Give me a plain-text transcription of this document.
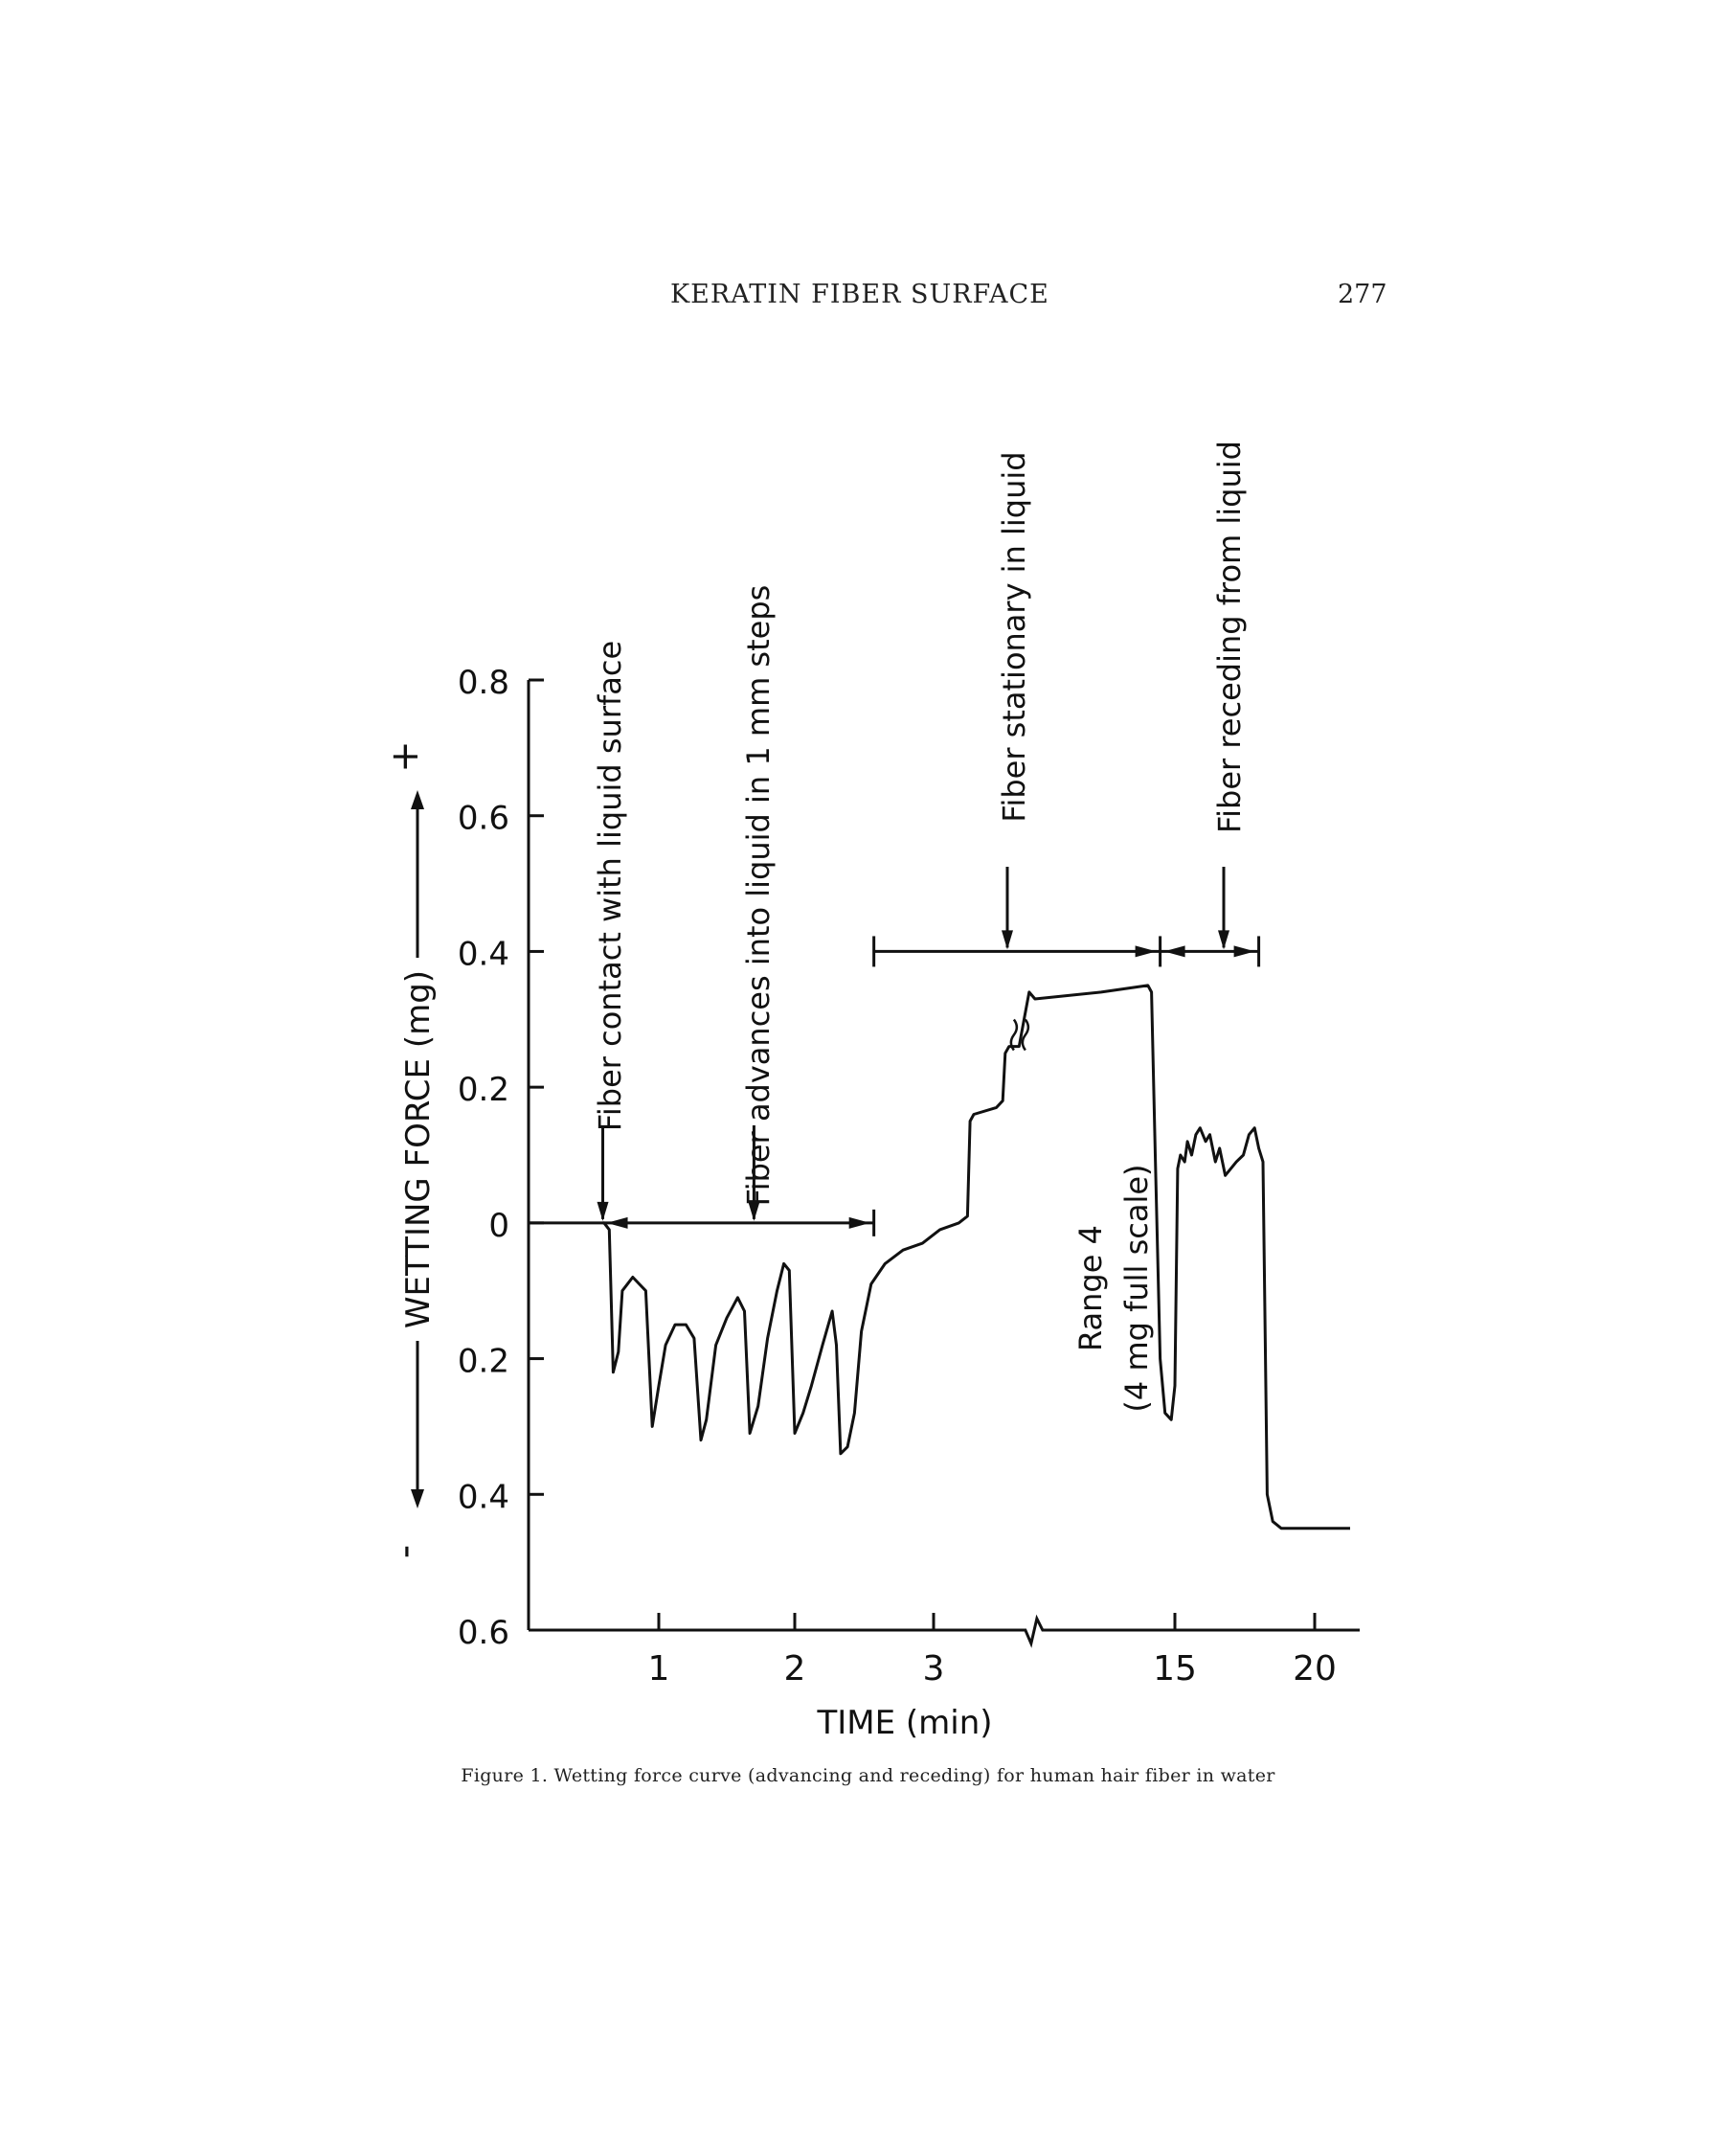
KERATIN FIBER SURFACE	277
0.8
0.6
0.4
0.2
0
0.2
0.4
0.6
1	2	3	15	20
TIME (min)
WETTING FORCE (mg)
+
-
Fiber contact with liquid surface	Fiber advances into liquid in 1 mm steps	Fiber stationary in liquid	Fiber receding from liquid
Range 4 (4 mg full scale)
Figure 1. Wetting force curve (advancing and receding) for human hair fiber in water
